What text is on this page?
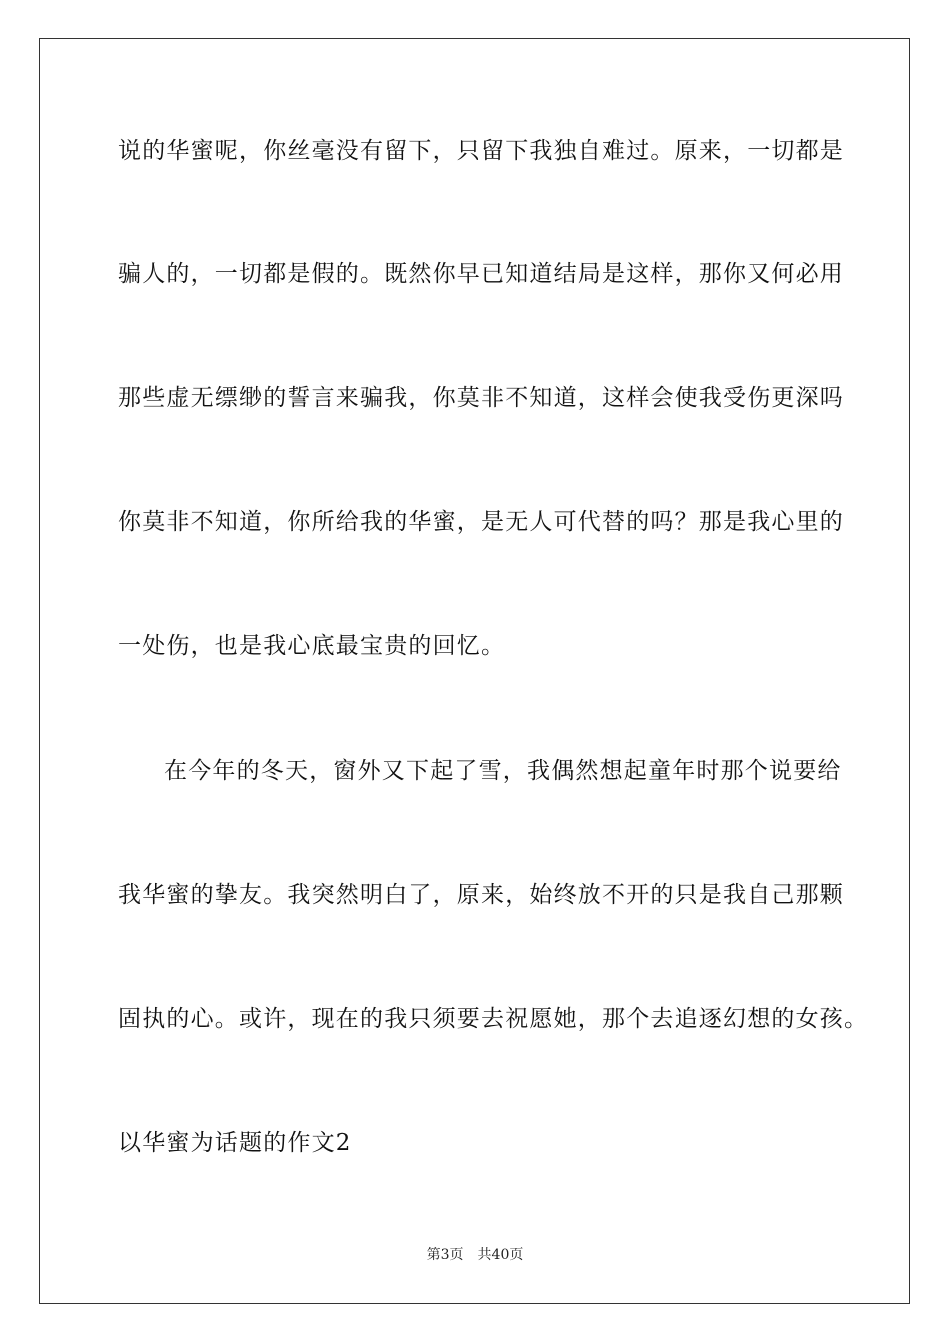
说的华蜜呢，你丝毫没有留下，只留下我独自难过。原来，一切都是
骗人的，一切都是假的。既然你早已知道结局是这样，那你又何必用
那些虚无缥缈的誓言来骗我，你莫非不知道，这样会使我受伤更深吗
你莫非不知道，你所给我的华蜜，是无人可代替的吗？那是我心里的
一处伤，也是我心底最宝贵的回忆。
在今年的冬天，窗外又下起了雪，我偶然想起童年时那个说要给
我华蜜的挚友。我突然明白了，原来，始终放不开的只是我自己那颗
固执的心。或许，现在的我只须要去祝愿她，那个去追逐幻想的女孩。
以华蜜为话题的作文2
第3页 共40页
